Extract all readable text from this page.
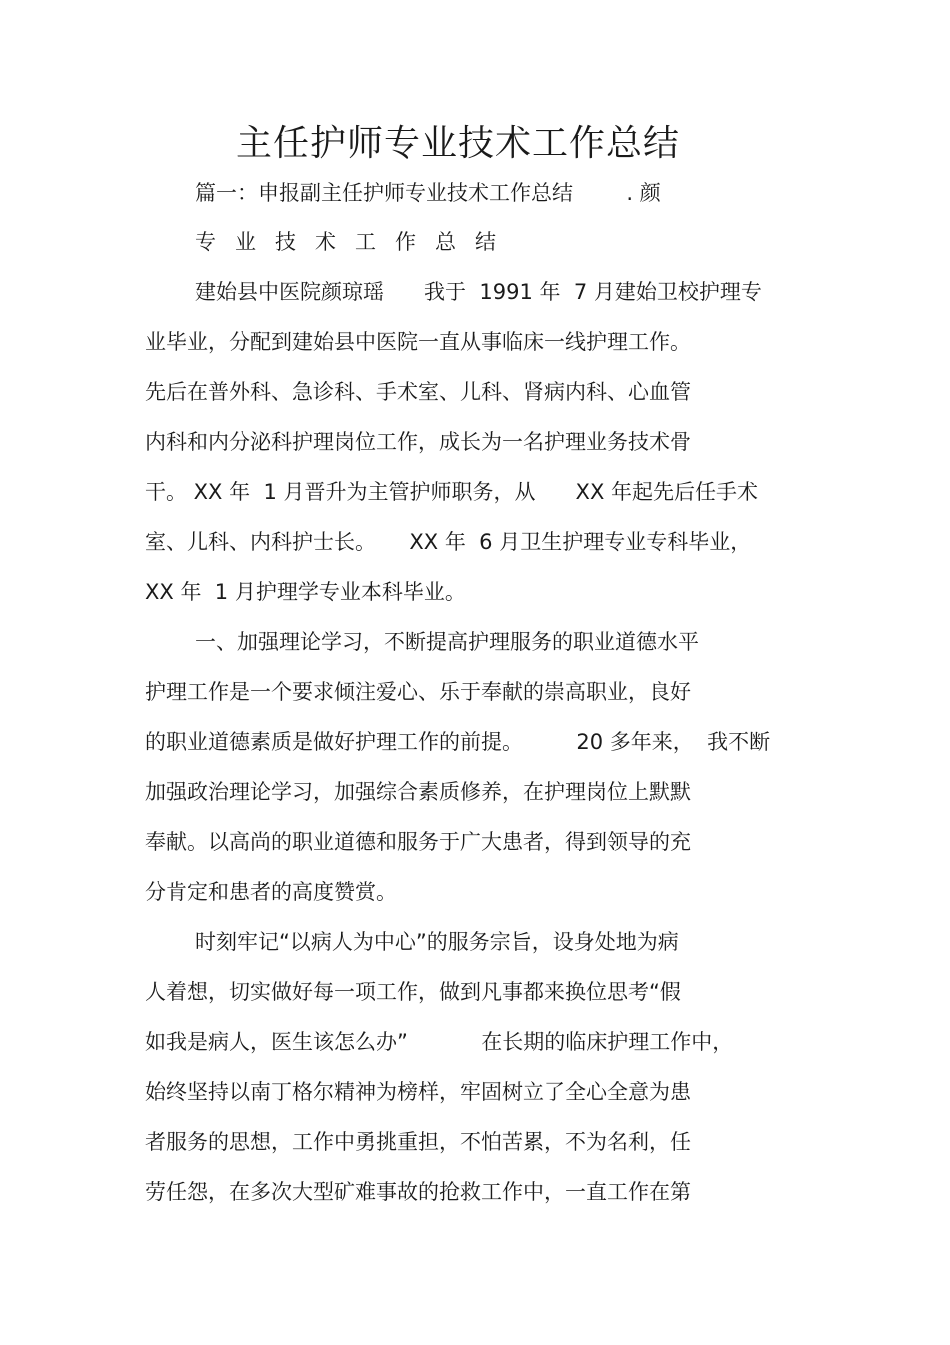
主任护师专业技术工作总结
篇一：申报副主任护师专业技术工作总结        . 颜
专业技术工作总结
建始县中医院颜琼瑶      我于  1991 年  7 月建始卫校护理专
业毕业，分配到建始县中医院一直从事临床一线护理工作。
先后在普外科、急诊科、手术室、儿科、肾病内科、心血管
内科和内分泌科护理岗位工作，成长为一名护理业务技术骨
干。 XX 年  1 月晋升为主管护师职务，从      XX 年起先后任手术
室、儿科、内科护士长。     XX 年  6 月卫生护理专业专科毕业，
XX 年  1 月护理学专业本科毕业。
一、加强理论学习，不断提高护理服务的职业道德水平
护理工作是一个要求倾注爱心、乐于奉献的崇高职业，良好
的职业道德素质是做好护理工作的前提。        20 多年来，  我不断
加强政治理论学习，加强综合素质修养，在护理岗位上默默
奉献。以高尚的职业道德和服务于广大患者，得到领导的充
分肯定和患者的高度赞赏。
时刻牢记“以病人为中心”的服务宗旨，设身处地为病
人着想，切实做好每一项工作，做到凡事都来换位思考“假
如我是病人，医生该怎么办”           在长期的临床护理工作中，
始终坚持以南丁格尔精神为榜样，牢固树立了全心全意为患
者服务的思想，工作中勇挑重担，不怕苦累，不为名利，任
劳任怨，在多次大型矿难事故的抢救工作中，一直工作在第
